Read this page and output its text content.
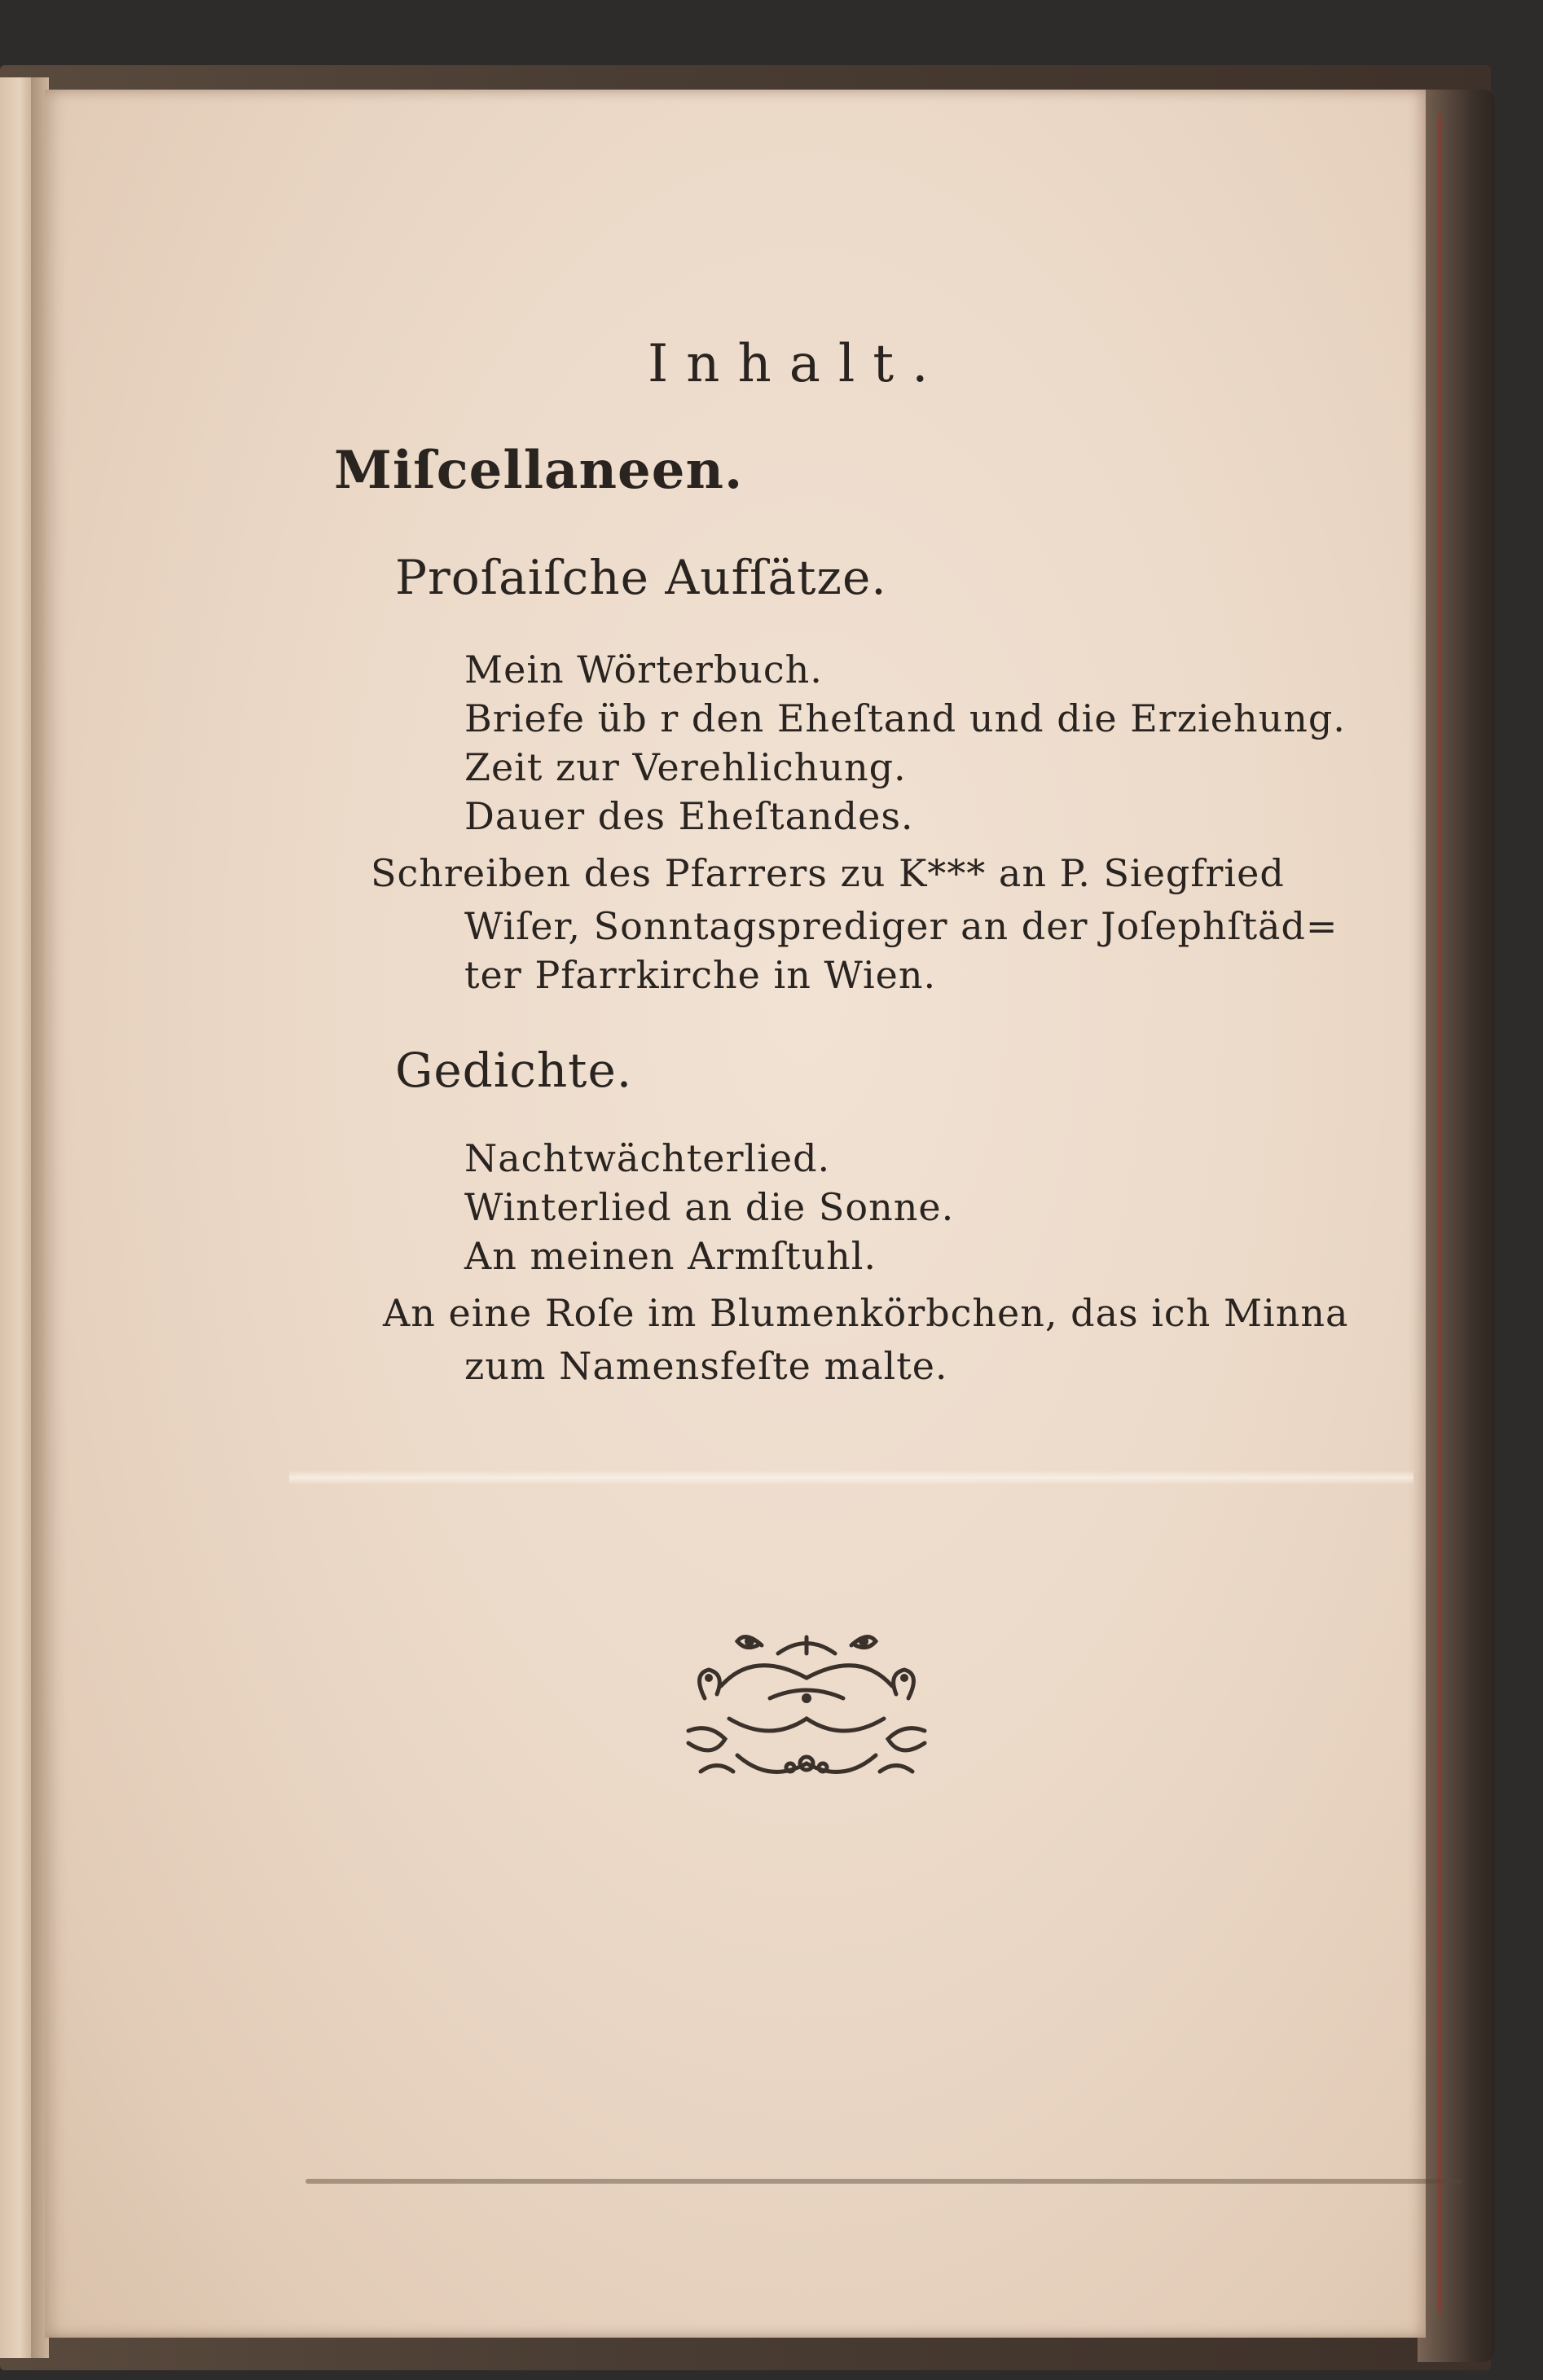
Inhalt.
Miſcellaneen.
Proſaiſche Aufſätze.
Mein Wörterbuch.
Briefe üb r den Eheſtand und die Erziehung.
Zeit zur Verehlichung.
Dauer des Eheſtandes.
Schreiben des Pfarrers zu K*** an P. Siegfried
Wiſer, Sonntagsprediger an der Joſephſtäd=
ter Pfarrkirche in Wien.
Gedichte.
Nachtwächterlied.
Winterlied an die Sonne.
An meinen Armſtuhl.
An eine Roſe im Blumenkörbchen, das ich Minna
zum Namensfeſte malte.
